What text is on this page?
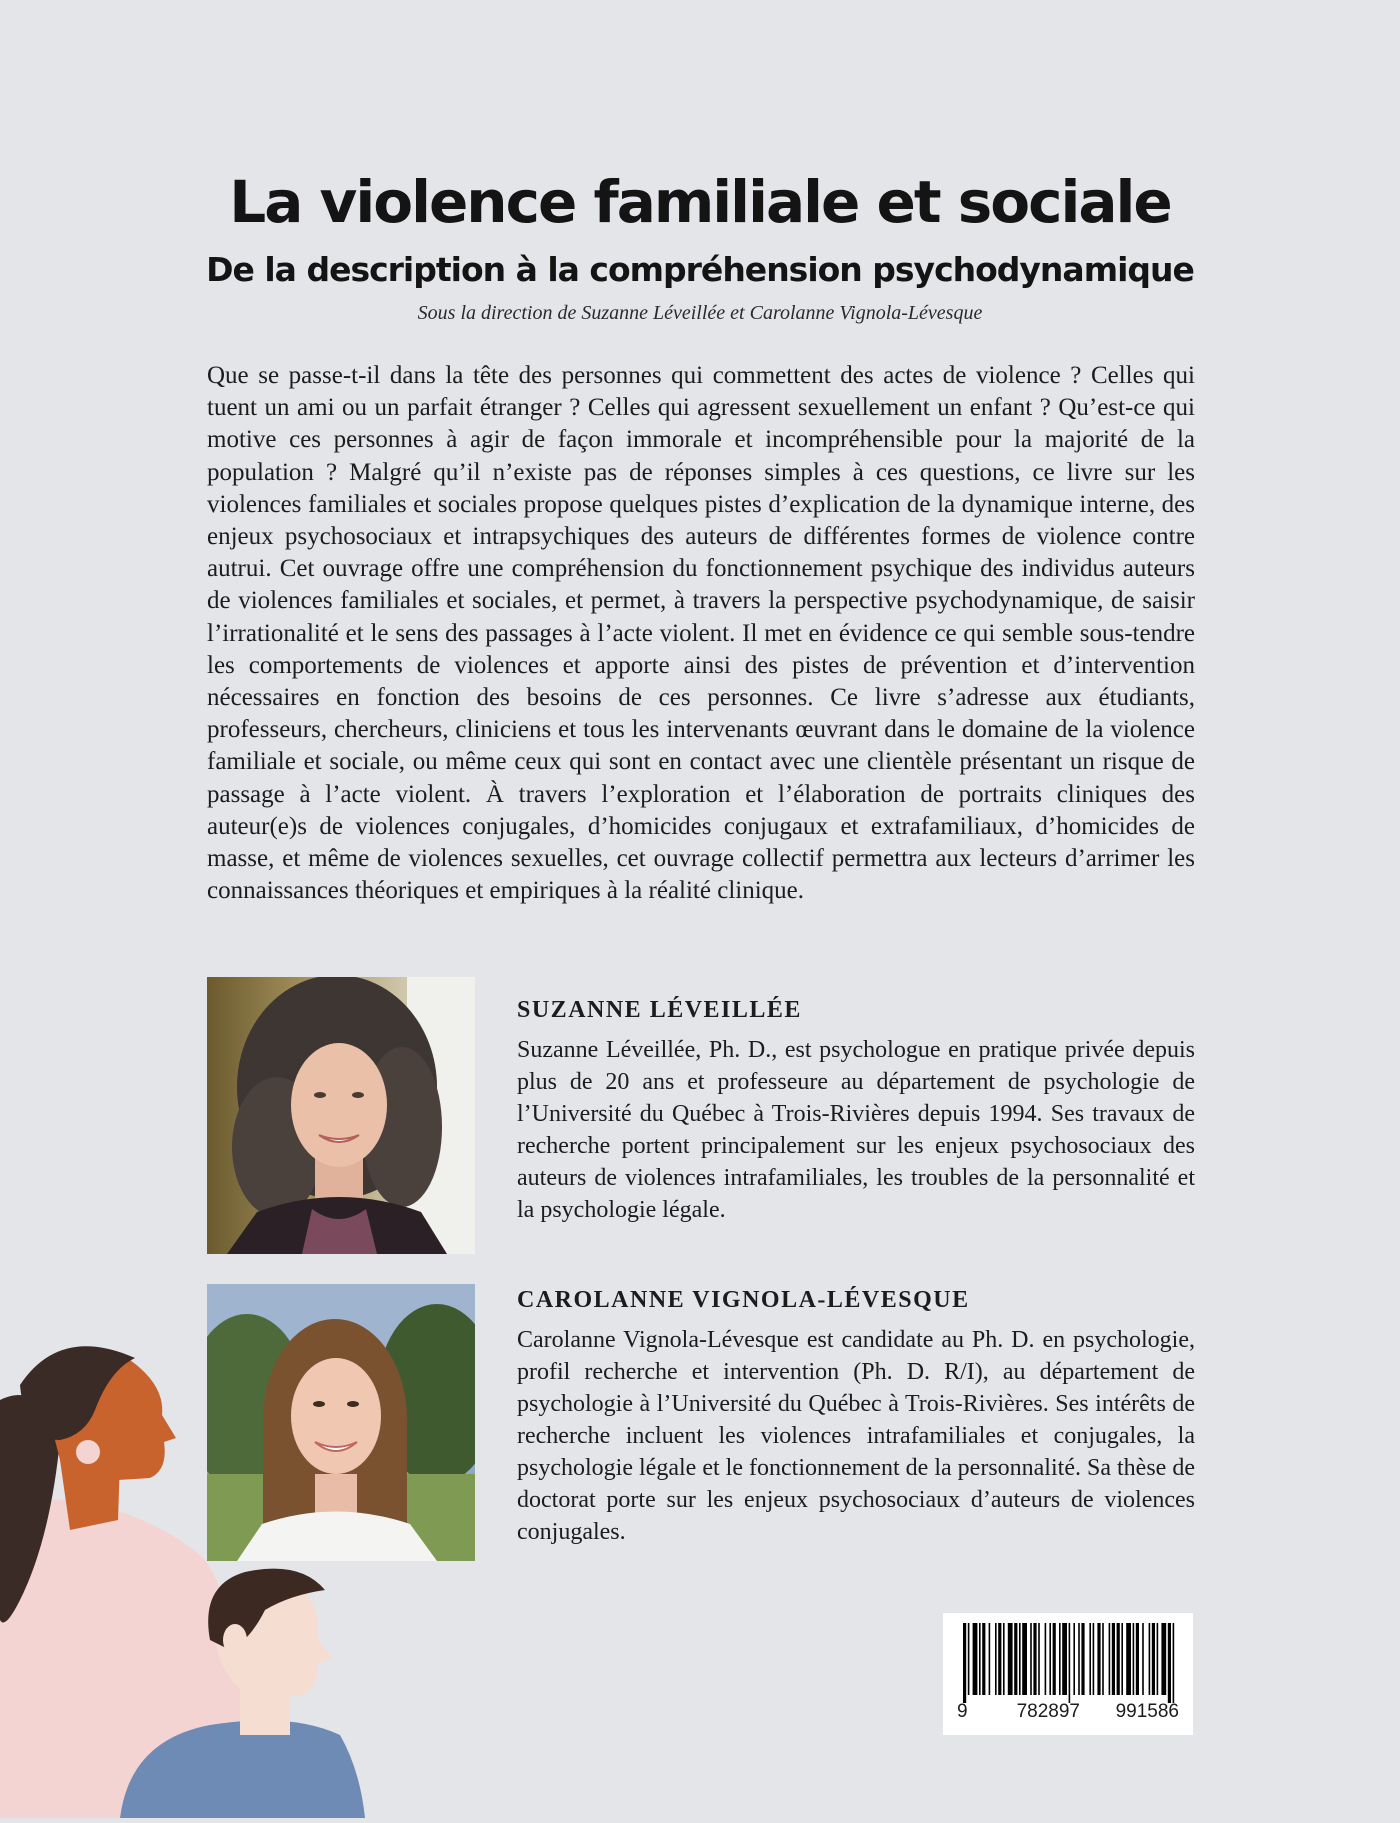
La violence familiale et sociale
De la description à la compréhension psychodynamique
Sous la direction de Suzanne Léveillée et Carolanne Vignola-Lévesque

Que se passe-t-il dans la tête des personnes qui commettent des actes de violence ? Celles qui tuent un ami ou un parfait étranger ? Celles qui agressent sexuellement un enfant ? Qu’est-ce qui motive ces personnes à agir de façon immorale et incompréhensible pour la majorité de la population ? Malgré qu’il n’existe pas de réponses simples à ces questions, ce livre sur les violences familiales et sociales propose quelques pistes d’explication de la dynamique interne, des enjeux psychosociaux et intrapsychiques des auteurs de différentes formes de violence contre autrui. Cet ouvrage offre une compréhension du fonctionnement psychique des individus auteurs de violences familiales et sociales, et permet, à travers la perspective psychodynamique, de saisir l’irrationalité et le sens des passages à l’acte violent. Il met en évidence ce qui semble sous-tendre les comportements de violences et apporte ainsi des pistes de prévention et d’intervention nécessaires en fonction des besoins de ces personnes. Ce livre s’adresse aux étudiants, professeurs, chercheurs, cliniciens et tous les intervenants œuvrant dans le domaine de la violence familiale et sociale, ou même ceux qui sont en contact avec une clientèle présentant un risque de passage à l’acte violent. À travers l’exploration et l’élaboration de portraits cliniques des auteur(e)s de violences conjugales, d’homicides conjugaux et extrafamiliaux, d’homicides de masse, et même de violences sexuelles, cet ouvrage collectif permettra aux lecteurs d’arrimer les connaissances théoriques et empiriques à la réalité clinique.

SUZANNE LÉVEILLÉE

Suzanne Léveillée, Ph. D., est psychologue en pratique privée depuis plus de 20 ans et professeure au département de psychologie de l’Université du Québec à Trois-Rivières depuis 1994. Ses travaux de recherche portent principalement sur les enjeux psychosociaux des auteurs de violences intrafamiliales, les troubles de la personnalité et la psychologie légale.

CAROLANNE VIGNOLA-LÉVESQUE

Carolanne Vignola-Lévesque est candidate au Ph. D. en psychologie, profil recherche et intervention (Ph. D. R/I), au département de psychologie à l’Université du Québec à Trois-Rivières. Ses intérêts de recherche incluent les violences intrafamiliales et conjugales, la psychologie légale et le fonctionnement de la personnalité. Sa thèse de doctorat porte sur les enjeux psychosociaux d’auteurs de violences conjugales.

9	782897 991586
